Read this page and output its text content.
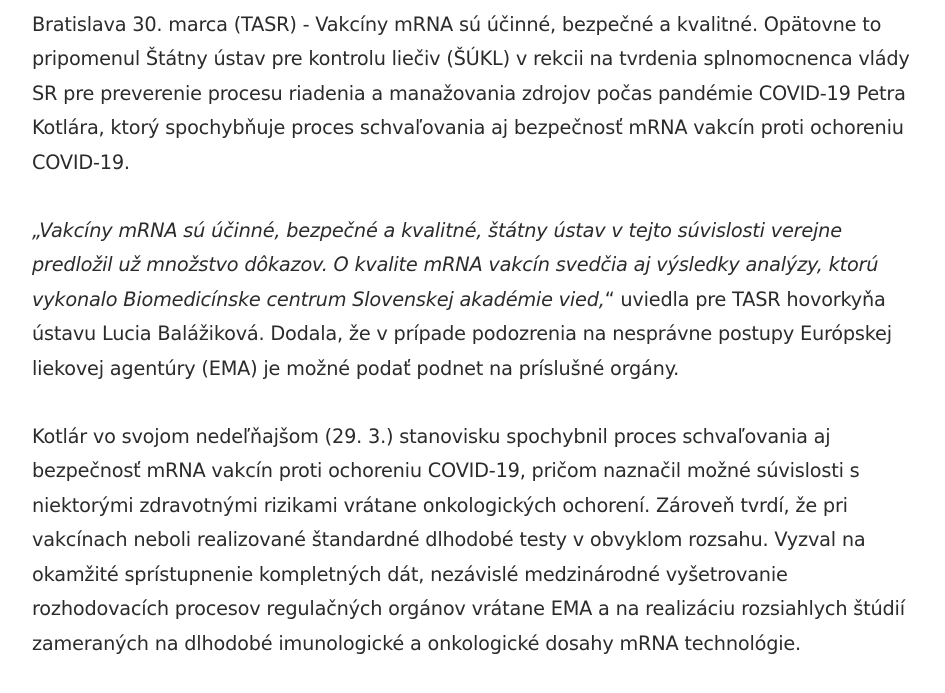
Bratislava 30. marca (TASR) - Vakcíny mRNA sú účinné, bezpečné a kvalitné. Opätovne to pripomenul Štátny ústav pre kontrolu liečiv (ŠÚKL) v rekcii na tvrdenia splnomocnenca vlády SR pre preverenie procesu riadenia a manažovania zdrojov počas pandémie COVID-19 Petra Kotlára, ktorý spochybňuje proces schvaľovania aj bezpečnosť mRNA vakcín proti ochoreniu COVID-19.

„Vakcíny mRNA sú účinné, bezpečné a kvalitné, štátny ústav v tejto súvislosti verejne predložil už množstvo dôkazov. O kvalite mRNA vakcín svedčia aj výsledky analýzy, ktorú vykonalo Biomedicínske centrum Slovenskej akadémie vied,“ uviedla pre TASR hovorkyňa ústavu Lucia Balážiková. Dodala, že v prípade podozrenia na nesprávne postupy Európskej liekovej agentúry (EMA) je možné podať podnet na príslušné orgány.

Kotlár vo svojom nedeľňajšom (29. 3.) stanovisku spochybnil proces schvaľovania aj bezpečnosť mRNA vakcín proti ochoreniu COVID-19, pričom naznačil možné súvislosti s niektorými zdravotnými rizikami vrátane onkologických ochorení. Zároveň tvrdí, že pri vakcínach neboli realizované štandardné dlhodobé testy v obvyklom rozsahu. Vyzval na okamžité sprístupnenie kompletných dát, nezávislé medzinárodné vyšetrovanie rozhodovacích procesov regulačných orgánov vrátane EMA a na realizáciu rozsiahlych štúdií zameraných na dlhodobé imunologické a onkologické dosahy mRNA technológie.
